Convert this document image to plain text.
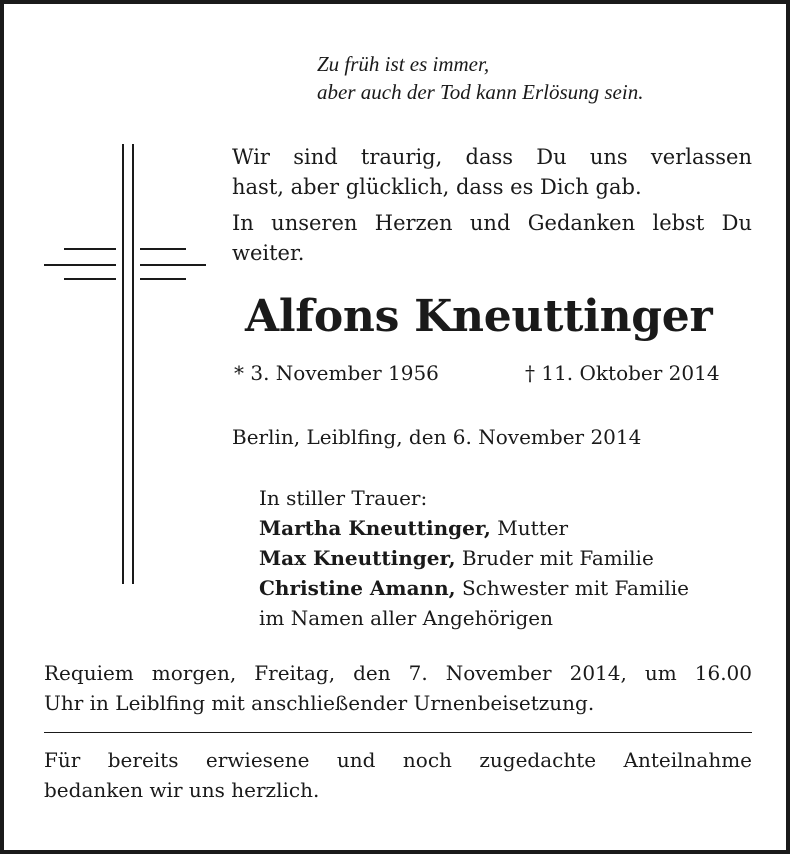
Zu früh ist es immer,
aber auch der Tod kann Erlösung sein.
Wir sind traurig, dass Du uns verlassen
hast, aber glücklich, dass es Dich gab.
In unseren Herzen und Gedanken lebst Du
weiter.
Alfons Kneuttinger
* 3. November 1956	† 11. Oktober 2014
Berlin, Leiblfing, den 6. November 2014
In stiller Trauer:
Martha Kneuttinger, Mutter
Max Kneuttinger, Bruder mit Familie
Christine Amann, Schwester mit Familie
im Namen aller Angehörigen
Requiem morgen, Freitag, den 7. November 2014, um 16.00
Uhr in Leiblfing mit anschließender Urnenbeisetzung.
Für bereits erwiesene und noch zugedachte Anteilnahme
bedanken wir uns herzlich.
